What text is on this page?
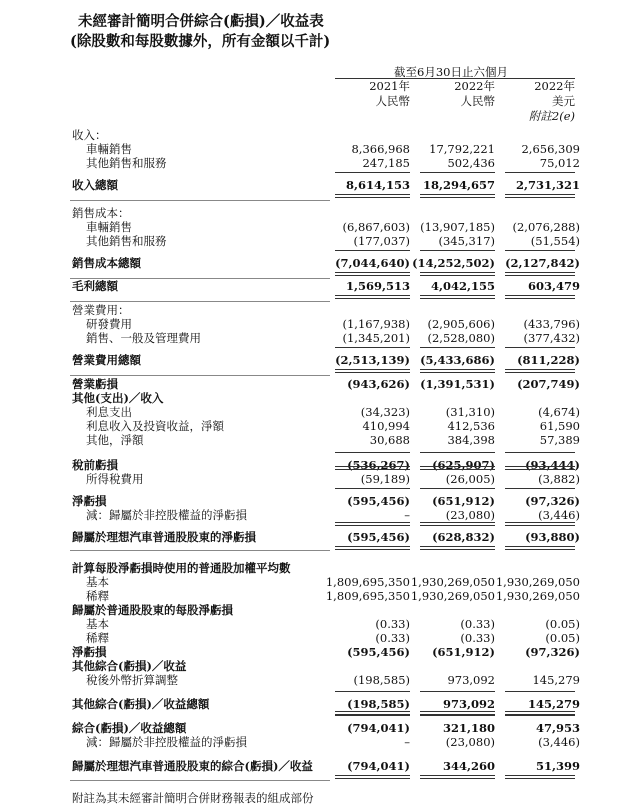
未經審計簡明合併綜合(虧損)／收益表
(除股數和每股數據外，所有金額以千計)
截至6月30日止六個月
2021年
人民幣
2022年
人民幣
2022年
美元
附註2(e)
收入：
車輛銷售	8,366,968	17,792,221	2,656,309
其他銷售和服務	247,185	502,436	75,012
收入總額	8,614,153	18,294,657	2,731,321
銷售成本：
車輛銷售	(6,867,603) (13,907,185)	(2,076,288)
其他銷售和服務	(177,037)	(345,317)	(51,554)
銷售成本總額	(7,044,640) (14,252,502) (2,127,842)
毛利總額	1,569,513	4,042,155	603,479
營業費用：
研發費用	(1,167,938)	(2,905,606)	(433,796)
銷售、一般及管理費用	(1,345,201)	(2,528,080)	(377,432)
營業費用總額	(2,513,139) (5,433,686)	(811,228)
營業虧損	(943,626) (1,391,531)	(207,749)
其他(支出)／收入
利息支出	(34,323)	(31,310)	(4,674)
利息收入及投資收益，淨額	410,994	412,536	61,590
其他，淨額	30,688	384,398	57,389
稅前虧損	(536,267)	(625,907)	(93,444)
所得稅費用	(59,189)	(26,005)	(3,882)
淨虧損	(595,456)	(651,912)	(97,326)
減：歸屬於非控股權益的淨虧損	–	(23,080)	(3,446)
歸屬於理想汽車普通股股東的淨虧損	(595,456)	(628,832)	(93,880)
計算每股淨虧損時使用的普通股加權平均數
基本	1,809,695,350 1,930,269,050 1,930,269,050
稀釋	1,809,695,350 1,930,269,050 1,930,269,050
歸屬於普通股股東的每股淨虧損
基本	(0.33)	(0.33)	(0.05)
稀釋	(0.33)	(0.33)	(0.05)
淨虧損	(595,456)	(651,912)	(97,326)
其他綜合(虧損)／收益
稅後外幣折算調整	(198,585)	973,092	145,279
其他綜合(虧損)／收益總額	(198,585)	973,092	145,279
綜合(虧損)／收益總額	(794,041)	321,180	47,953
減：歸屬於非控股權益的淨虧損	–	(23,080)	(3,446)
歸屬於理想汽車普通股股東的綜合(虧損)／收益	(794,041)	344,260	51,399
附註為其未經審計簡明合併財務報表的組成部份
